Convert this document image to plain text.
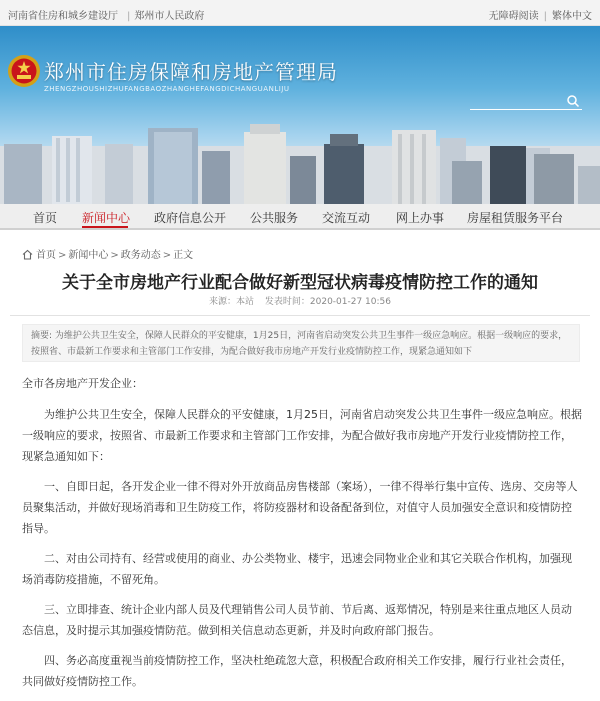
河南省住房和城乡建设厅 | 郑州市人民政府	无障碍阅读 | 繁体中文
郑州市住房保障和房地产管理局
ZHENGZHOUSHIZHUFANGBAOZHANGHEFANGDICHANGUANLIJU
首页 新闻中心 政府信息公开 公共服务 交流互动 网上办事 房屋租赁服务平台
首页 > 新闻中心 > 政务动态 > 正文
关于全市房地产行业配合做好新型冠状病毒疫情防控工作的通知
来源：本站 发表时间：2020-01-27 10:56
摘要: 为维护公共卫生安全，保障人民群众的平安健康，1月25日，河南省启动突发公共卫生事件一级应急响应。根据一级响应的要求，按照省、市最新工作要求和主管部门工作安排，为配合做好我市房地产开发行业疫情防控工作，现紧急通知如下

全市各房地产开发企业：

为维护公共卫生安全，保障人民群众的平安健康，1月25日，河南省启动突发公共卫生事件一级应急响应。根据一级响应的要求，按照省、市最新工作要求和主管部门工作安排，为配合做好我市房地产开发行业疫情防控工作，现紧急通知如下：

一、自即日起，各开发企业一律不得对外开放商品房售楼部（案场），一律不得举行集中宣传、选房、交房等人员聚集活动，并做好现场消毒和卫生防疫工作，将防疫器材和设备配备到位，对值守人员加强安全意识和疫情防控指导。

二、对由公司持有、经营或使用的商业、办公类物业、楼宇，迅速会同物业企业和其它关联合作机构，加强现场消毒防疫措施，不留死角。

三、立即排查、统计企业内部人员及代理销售公司人员节前、节后离、返郑情况，特别是来往重点地区人员动态信息，及时提示其加强疫情防范。做到相关信息动态更新，并及时向政府部门报告。

四、务必高度重视当前疫情防控工作，坚决杜绝疏忽大意，积极配合政府相关工作安排，履行行业社会责任，共同做好疫情防控工作。
